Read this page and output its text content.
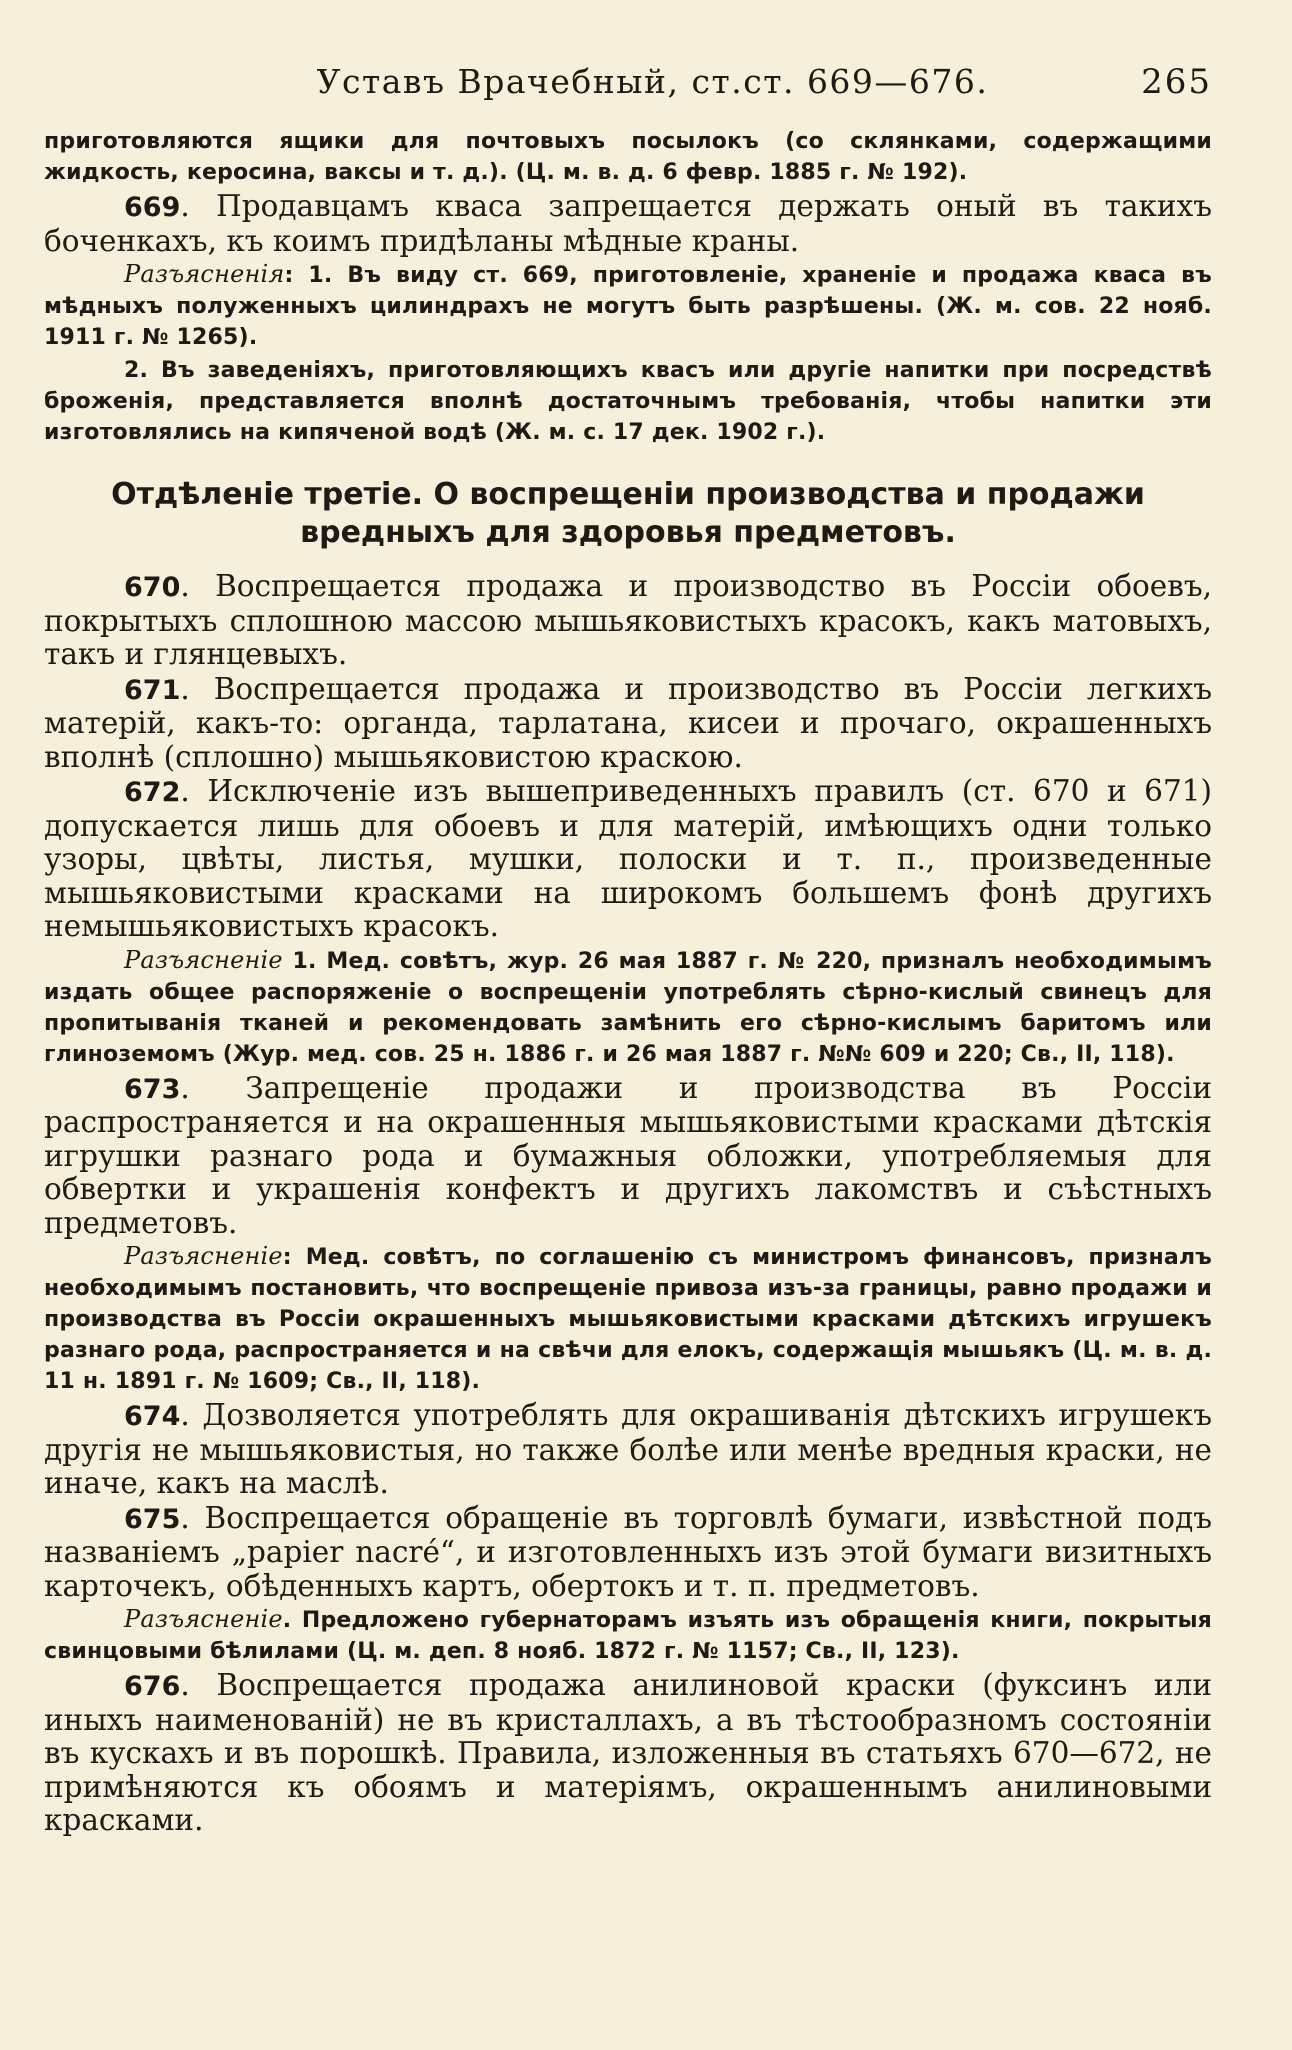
Уставъ Врачебный, ст.ст. 669—676.	265

приготовляются ящики для почтовыхъ посылокъ (со склянками, содержащими жидкость, керосина, ваксы и т. д.). (Ц. м. в. д. 6 февр. 1885 г. № 192).

669. Продавцамъ кваса запрещается держать оный въ такихъ боченкахъ, къ коимъ придѣланы мѣдные краны.

Разъясненія: 1. Въ виду ст. 669, приготовленіе, храненіе и продажа кваса въ мѣдныхъ полуженныхъ цилиндрахъ не могутъ быть разрѣшены. (Ж. м. сов. 22 нояб. 1911 г. № 1265).

2. Въ заведеніяхъ, приготовляющихъ квасъ или другіе напитки при посредствѣ броженія, представляется вполнѣ достаточнымъ требованія, чтобы напитки эти изготовлялись на кипяченой водѣ (Ж. м. с. 17 дек. 1902 г.).

Отдѣленіе третіе. О воспрещеніи производства и продажи вредныхъ для здоровья предметовъ.

670. Воспрещается продажа и производство въ Россіи обоевъ, покрытыхъ сплошною массою мышьяковистыхъ красокъ, какъ матовыхъ, такъ и глянцевыхъ.

671. Воспрещается продажа и производство въ Россіи легкихъ матерій, какъ-то: органда, тарлатана, кисеи и прочаго, окрашенныхъ вполнѣ (сплошно) мышьяковистою краскою.

672. Исключеніе изъ вышеприведенныхъ правилъ (ст. 670 и 671) допускается лишь для обоевъ и для матерій, имѣющихъ одни только узоры, цвѣты, листья, мушки, полоски и т. п., произведенные мышьяковистыми красками на широкомъ большемъ фонѣ другихъ немышьяковистыхъ красокъ.

Разъясненіе 1. Мед. совѣтъ, жур. 26 мая 1887 г. № 220, призналъ необходимымъ издать общее распоряженіе о воспрещеніи употреблять сѣрно-кислый свинецъ для пропитыванія тканей и рекомендовать замѣнить его сѣрно-кислымъ баритомъ или глиноземомъ (Жур. мед. сов. 25 н. 1886 г. и 26 мая 1887 г. №№ 609 и 220; Св., II, 118).

673. Запрещеніе продажи и производства въ Россіи распространяется и на окрашенныя мышьяковистыми красками дѣтскія игрушки разнаго рода и бумажныя обложки, употребляемыя для обвертки и украшенія конфектъ и другихъ лакомствъ и съѣстныхъ предметовъ.

Разъясненіе: Мед. совѣтъ, по соглашенію съ министромъ финансовъ, призналъ необходимымъ постановить, что воспрещеніе привоза изъ-за границы, равно продажи и производства въ Россіи окрашенныхъ мышьяковистыми красками дѣтскихъ игрушекъ разнаго рода, распространяется и на свѣчи для елокъ, содержащія мышьякъ (Ц. м. в. д. 11 н. 1891 г. № 1609; Св., II, 118).

674. Дозволяется употреблять для окрашиванія дѣтскихъ игрушекъ другія не мышьяковистыя, но также болѣе или менѣе вредныя краски, не иначе, какъ на маслѣ.

675. Воспрещается обращеніе въ торговлѣ бумаги, извѣстной подъ названіемъ „papier nacré“, и изготовленныхъ изъ этой бумаги визитныхъ карточекъ, обѣденныхъ картъ, обертокъ и т. п. предметовъ.

Разъясненіе. Предложено губернаторамъ изъять изъ обращенія книги, покрытыя свинцовыми бѣлилами (Ц. м. деп. 8 нояб. 1872 г. № 1157; Св., II, 123).

676. Воспрещается продажа анилиновой краски (фуксинъ или иныхъ наименованій) не въ кристаллахъ, а въ тѣстообразномъ состояніи въ кускахъ и въ порошкѣ. Правила, изложенныя въ статьяхъ 670—672, не примѣняются къ обоямъ и матеріямъ, окрашеннымъ анилиновыми красками.
